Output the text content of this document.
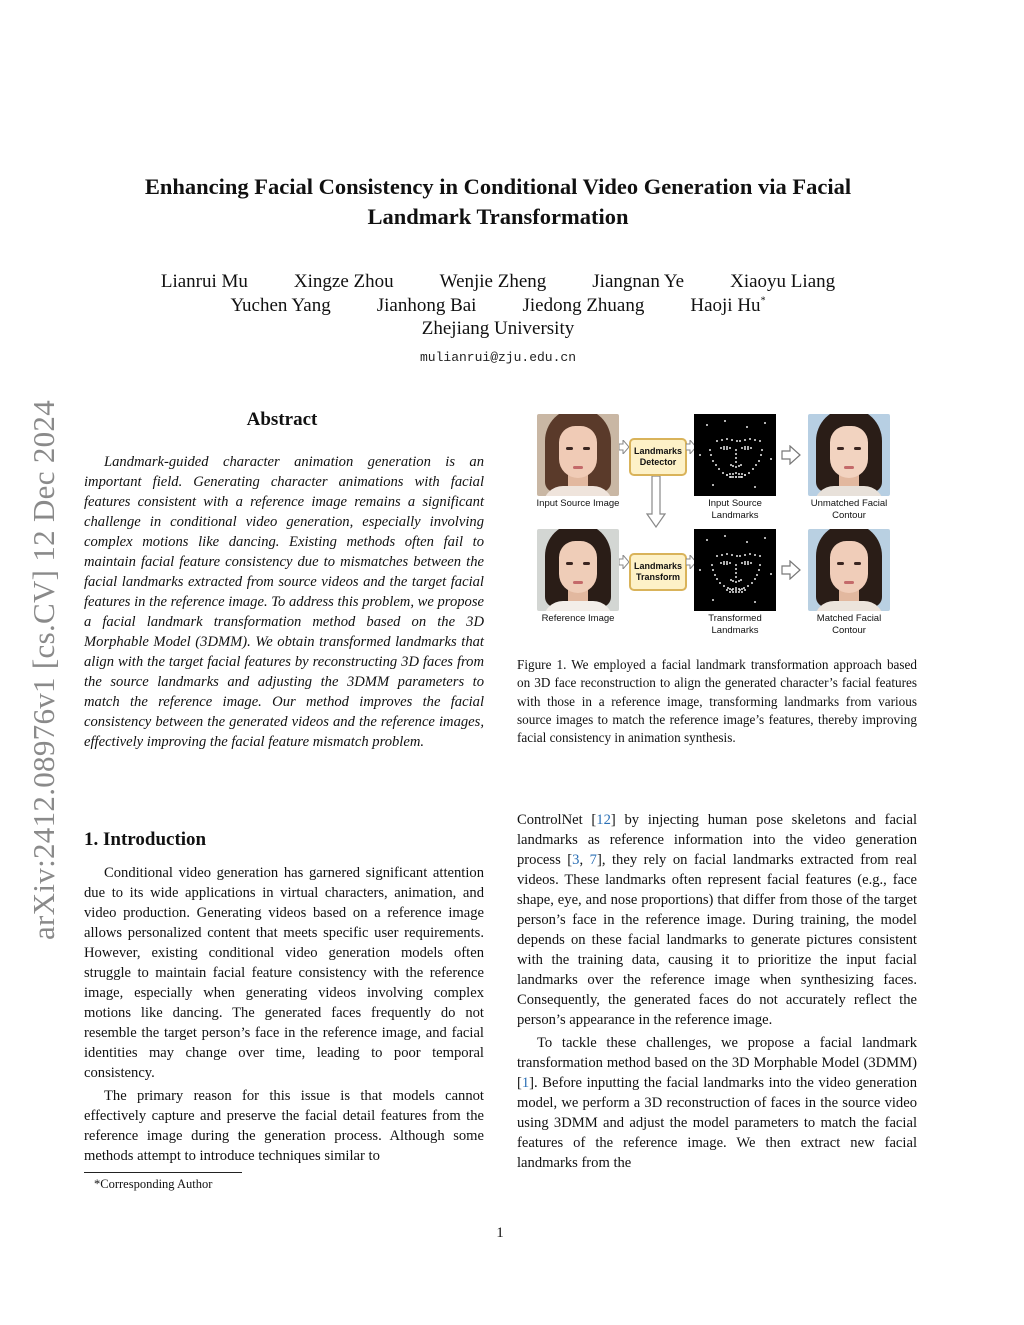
arXiv:2412.08976v1 [cs.CV] 12 Dec 2024
Enhancing Facial Consistency in Conditional Video Generation via Facial Landmark Transformation
Lianrui Mu Xingze Zhou Wenjie Zheng Jiangnan Ye Xiaoyu Liang
Yuchen Yang Jianhong Bai Jiedong Zhuang Haoji Hu*
Zhejiang University
mulianrui@zju.edu.cn
Abstract

Landmark-guided character animation generation is an important field. Generating character animations with facial features consistent with a reference image remains a significant challenge in conditional video generation, especially involving complex motions like dancing. Existing methods often fail to maintain facial feature consistency due to mismatches between the facial landmarks extracted from source videos and the target facial features in the reference image. To address this problem, we propose a facial landmark transformation method based on the 3D Morphable Model (3DMM). We obtain transformed landmarks that align with the target facial features by reconstructing 3D faces from the source landmarks and adjusting the 3DMM parameters to match the reference image. Our method improves the facial consistency between the generated videos and the reference images, effectively improving the facial feature mismatch problem.

1. Introduction

Conditional video generation has garnered significant attention due to its wide applications in virtual characters, animation, and video production. Generating videos based on a reference image allows personalized content that meets specific user requirements. However, existing conditional video generation models often struggle to maintain facial feature consistency with the reference image, especially when generating videos involving complex motions like dancing. The generated faces frequently do not resemble the target person’s face in the reference image, and facial identities may change over time, leading to poor temporal consistency.

The primary reason for this issue is that models cannot effectively capture and preserve the facial detail features from the reference image during the generation process. Although some methods attempt to introduce techniques similar to

*Corresponding Author
Input Source Image
Landmarks Detector
Input Source Landmarks
Unmatched Facial Contour
Reference Image
Landmarks Transform
Transformed Landmarks
Matched Facial Contour
Figure 1. We employed a facial landmark transformation approach based on 3D face reconstruction to align the generated character’s facial features with those in a reference image, transforming landmarks from various source images to match the reference image’s features, thereby improving facial consistency in animation synthesis.

ControlNet [12] by injecting human pose skeletons and facial landmarks as reference information into the video generation process [3, 7], they rely on facial landmarks extracted from real videos. These landmarks often represent facial features (e.g., face shape, eye, and nose proportions) that differ from those of the target person’s face in the reference image. During training, the model depends on these facial landmarks to generate pictures consistent with the training data, causing it to prioritize the input facial landmarks over the reference image when synthesizing faces. Consequently, the generated faces do not accurately reflect the person’s appearance in the reference image.

To tackle these challenges, we propose a facial landmark transformation method based on the 3D Morphable Model (3DMM) [1]. Before inputting the facial landmarks into the video generation model, we perform a 3D reconstruction of faces in the source video using 3DMM and adjust the model parameters to match the facial features of the reference image. We then extract new facial landmarks from the

1
